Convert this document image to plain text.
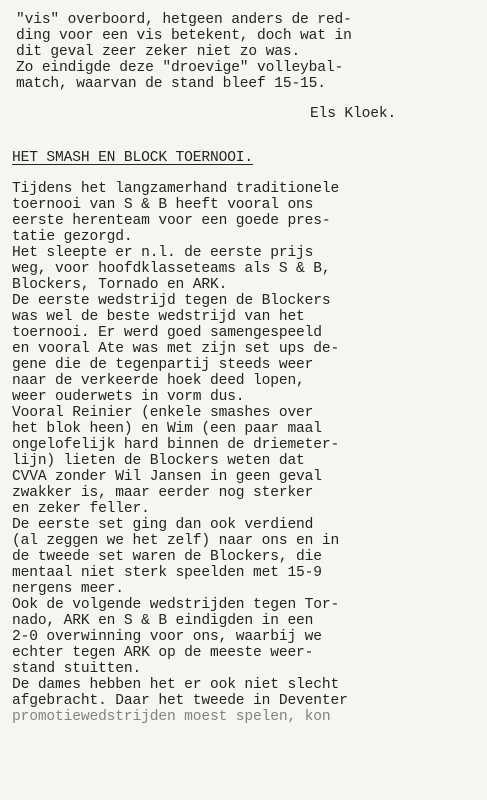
"vis" overboord, hetgeen anders de red-
ding voor een vis betekent, doch wat in
dit geval zeer zeker niet zo was.
Zo eindigde deze "droevige" volleybal-
match, waarvan de stand bleef 15-15.
Els Kloek.
HET SMASH EN BLOCK TOERNOOI.
Tijdens het langzamerhand traditionele
toernooi van S & B heeft vooral ons
eerste herenteam voor een goede pres-
tatie gezorgd.
Het sleepte er n.l. de eerste prijs
weg, voor hoofdklasseteams als S & B,
Blockers, Tornado en ARK.
De eerste wedstrijd tegen de Blockers
was wel de beste wedstrijd van het
toernooi. Er werd goed samengespeeld
en vooral Ate was met zijn set ups de-
gene die de tegenpartij steeds weer
naar de verkeerde hoek deed lopen,
weer ouderwets in vorm dus.
Vooral Reinier (enkele smashes over
het blok heen) en Wim (een paar maal
ongelofelijk hard binnen de driemeter-
lijn) lieten de Blockers weten dat
CVVA zonder Wil Jansen in geen geval
zwakker is, maar eerder nog sterker
en zeker feller.
De eerste set ging dan ook verdiend
(al zeggen we het zelf) naar ons en in
de tweede set waren de Blockers, die
mentaal niet sterk speelden met 15-9
nergens meer.
Ook de volgende wedstrijden tegen Tor-
nado, ARK en S & B eindigden in een
2-0 overwinning voor ons, waarbij we
echter tegen ARK op de meeste weer-
stand stuitten.
De dames hebben het er ook niet slecht
afgebracht. Daar het tweede in Deventer
promotiewedstrijden moest spelen, kon
